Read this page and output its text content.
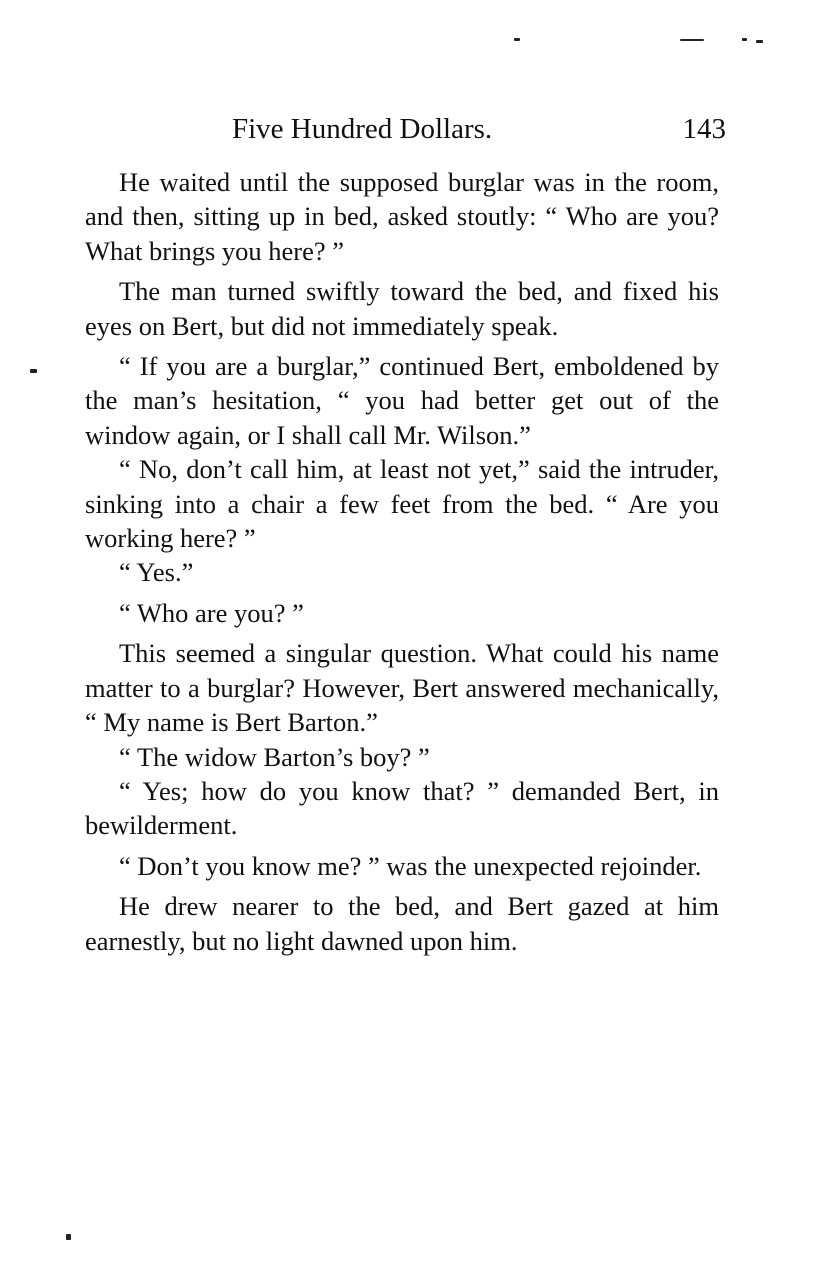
Five Hundred Dollars.	143

He waited until the supposed burglar was in the room, and then, sitting up in bed, asked stoutly: “ Who are you? What brings you here? ”

The man turned swiftly toward the bed, and fixed his eyes on Bert, but did not immediately speak.

“ If you are a burglar,” continued Bert, emboldened by the man’s hesitation, “ you had better get out of the window again, or I shall call Mr. Wilson.”

“ No, don’t call him, at least not yet,” said the intruder, sinking into a chair a few feet from the bed. “ Are you working here? ”

“ Yes.”

“ Who are you? ”

This seemed a singular question. What could his name matter to a burglar? However, Bert answered mechanically, “ My name is Bert Barton.”

“ The widow Barton’s boy? ”

“ Yes; how do you know that? ” demanded Bert, in bewilderment.

“ Don’t you know me? ” was the unexpected rejoinder.

He drew nearer to the bed, and Bert gazed at him earnestly, but no light dawned upon him.
